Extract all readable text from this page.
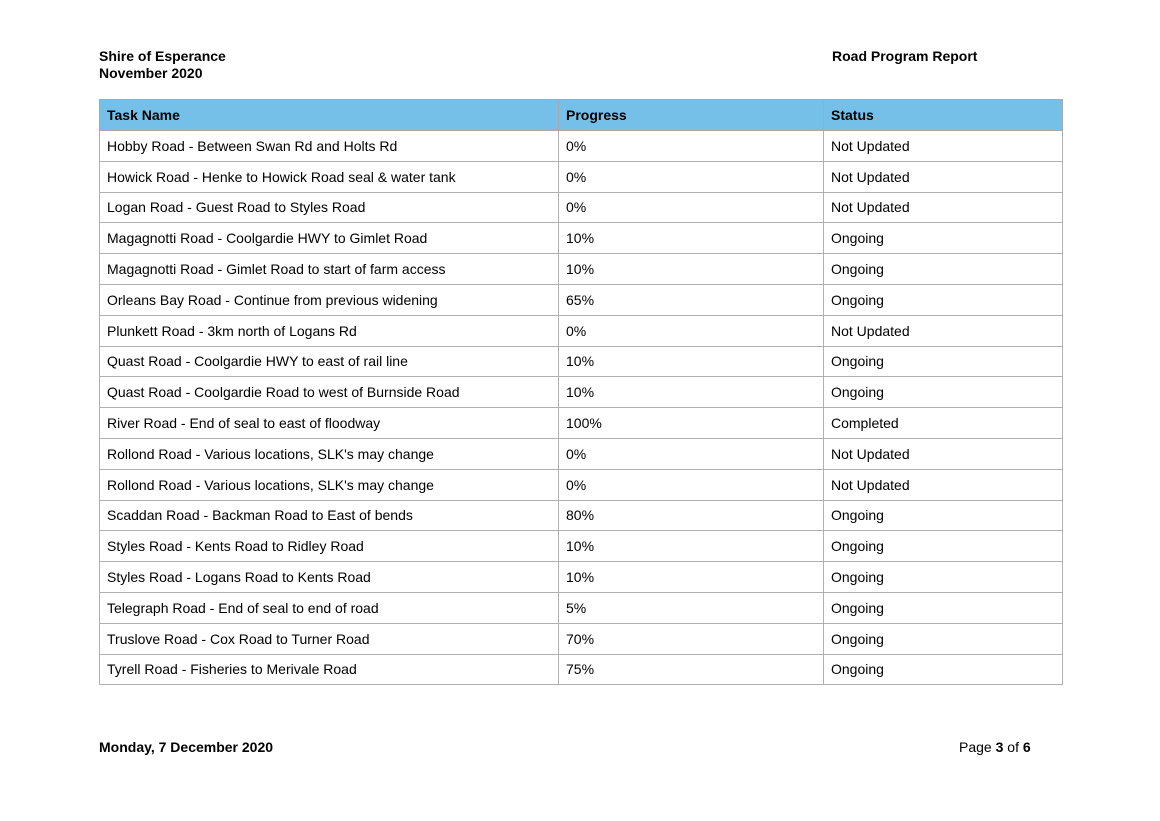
Shire of Esperance
November 2020
Road Program Report
Task Name	Progress	Status
Hobby Road - Between Swan Rd and Holts Rd	0%	Not Updated
Howick Road - Henke to Howick Road seal & water tank	0%	Not Updated
Logan Road - Guest Road to Styles Road	0%	Not Updated
Magagnotti Road - Coolgardie HWY to Gimlet Road	10%	Ongoing
Magagnotti Road - Gimlet Road to start of farm access	10%	Ongoing
Orleans Bay Road - Continue from previous widening	65%	Ongoing
Plunkett Road - 3km north of Logans Rd	0%	Not Updated
Quast Road - Coolgardie HWY to east of rail line	10%	Ongoing
Quast Road - Coolgardie Road to west of Burnside Road	10%	Ongoing
River Road - End of seal to east of floodway	100%	Completed
Rollond Road - Various locations, SLK's may change	0%	Not Updated
Rollond Road - Various locations, SLK's may change	0%	Not Updated
Scaddan Road - Backman Road to East of bends	80%	Ongoing
Styles Road - Kents Road to Ridley Road	10%	Ongoing
Styles Road - Logans Road to Kents Road	10%	Ongoing
Telegraph Road - End of seal to end of road	5%	Ongoing
Truslove Road - Cox Road to Turner Road	70%	Ongoing
Tyrell Road - Fisheries to Merivale Road	75%	Ongoing
Monday, 7 December 2020	Page 3 of 6
